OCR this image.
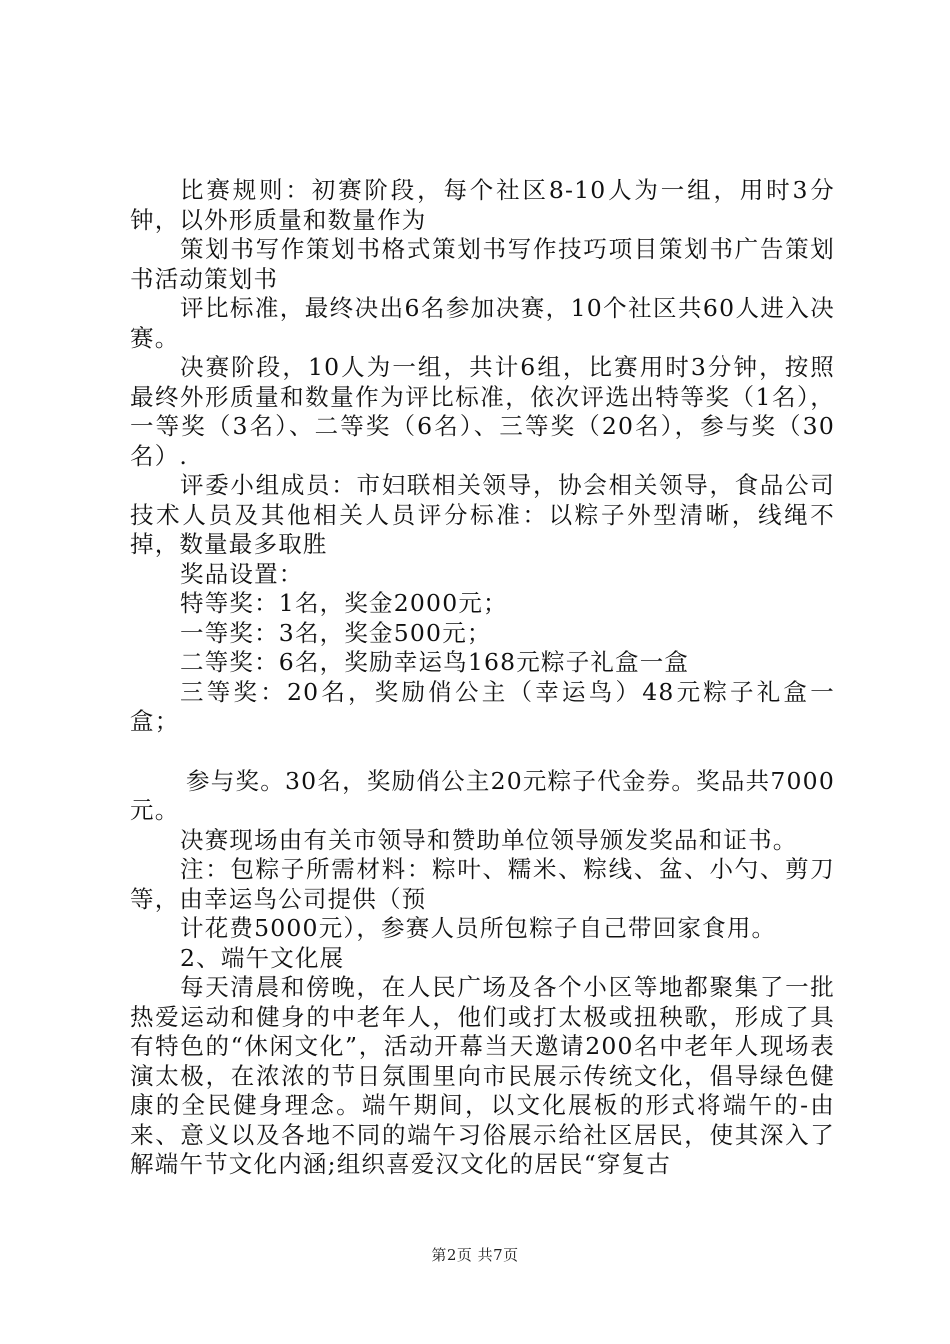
比赛规则：初赛阶段，每个社区8-10人为一组，用时3分钟，以外形质量和数量作为

策划书写作策划书格式策划书写作技巧项目策划书广告策划书活动策划书

评比标准，最终决出6名参加决赛，10个社区共60人进入决赛。

决赛阶段，10人为一组，共计6组，比赛用时3分钟，按照最终外形质量和数量作为评比标准，依次评选出特等奖（1名），一等奖（3名）、二等奖（6名）、三等奖（20名），参与奖（30名）.

评委小组成员：市妇联相关领导，协会相关领导，食品公司技术人员及其他相关人员评分标准：以粽子外型清晰，线绳不掉，数量最多取胜

奖品设置：

特等奖：1名，奖金2000元；

一等奖：3名，奖金500元；

二等奖：6名，奖励幸运鸟168元粽子礼盒一盒

三等奖：20名，奖励俏公主（幸运鸟）48元粽子礼盒一盒；

参与奖。30名，奖励俏公主20元粽子代金券。奖品共7000元。

决赛现场由有关市领导和赞助单位领导颁发奖品和证书。

注：包粽子所需材料：粽叶、糯米、粽线、盆、小勺、剪刀等，由幸运鸟公司提供（预

计花费5000元），参赛人员所包粽子自己带回家食用。

2、端午文化展

每天清晨和傍晚，在人民广场及各个小区等地都聚集了一批热爱运动和健身的中老年人，他们或打太极或扭秧歌，形成了具有特色的“休闲文化”，活动开幕当天邀请200名中老年人现场表演太极，在浓浓的节日氛围里向市民展示传统文化，倡导绿色健康的全民健身理念。端午期间，以文化展板的形式将端午的-由来、意义以及各地不同的端午习俗展示给社区居民，使其深入了解端午节文化内涵;组织喜爱汉文化的居民“穿复古

第2页 共7页
